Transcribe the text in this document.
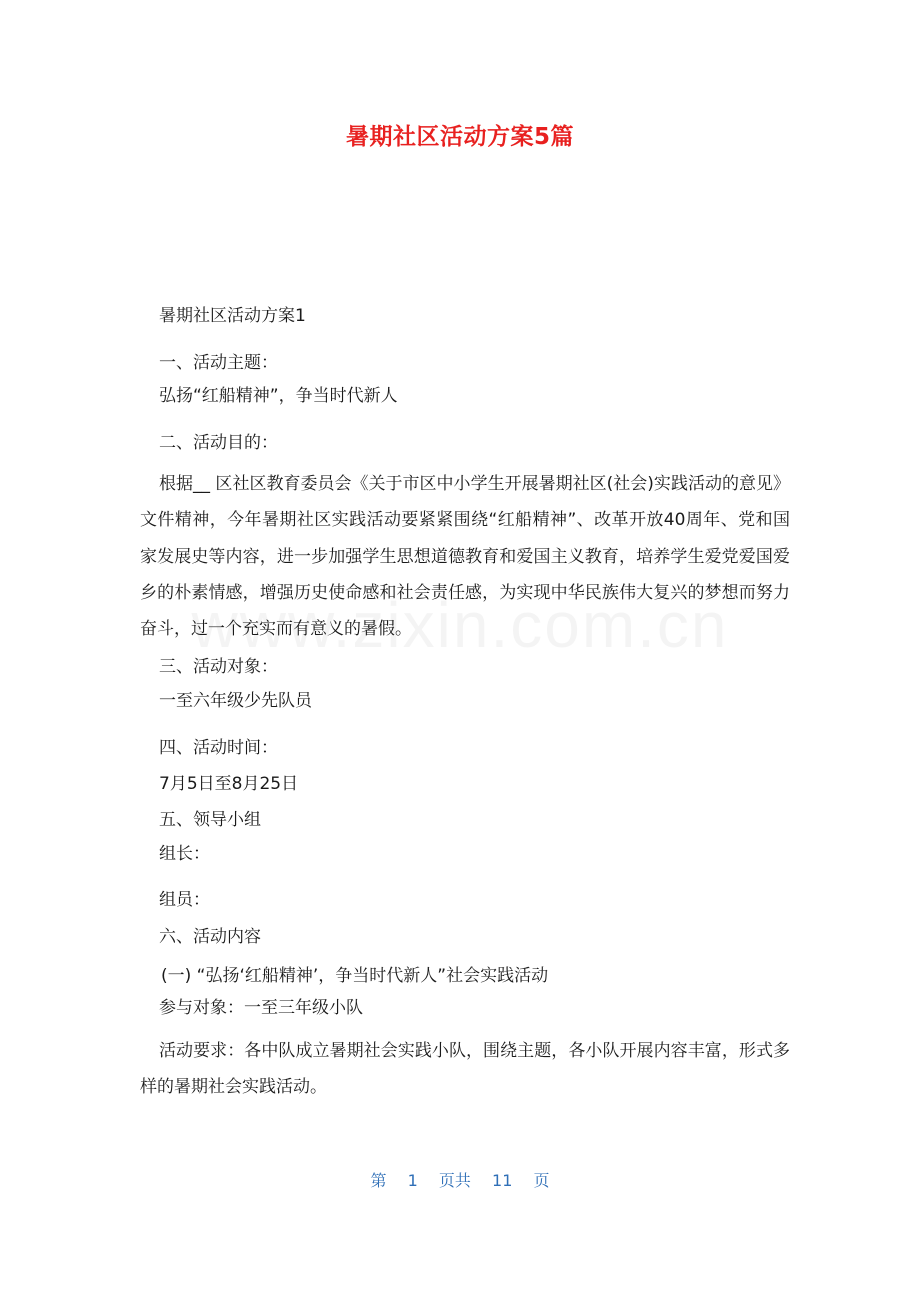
暑期社区活动方案5篇
暑期社区活动方案1
一、活动主题：
弘扬“红船精神”，争当时代新人
二、活动目的：
根据__ 区社区教育委员会《关于市区中小学生开展暑期社区(社会)实践活动的意见》文件精神，今年暑期社区实践活动要紧紧围绕“红船精神”、改革开放40周年、党和国家发展史等内容，进一步加强学生思想道德教育和爱国主义教育，培养学生爱党爱国爱乡的朴素情感，增强历史使命感和社会责任感，为实现中华民族伟大复兴的梦想而努力奋斗，过一个充实而有意义的暑假。
三、活动对象：
一至六年级少先队员
四、活动时间：
7月5日至8月25日
五、领导小组
组长：
组员：
六、活动内容
(一) “弘扬‘红船精神’，争当时代新人”社会实践活动
参与对象：一至三年级小队
活动要求：各中队成立暑期社会实践小队，围绕主题，各小队开展内容丰富，形式多样的暑期社会实践活动。
第 1 页共 11 页
